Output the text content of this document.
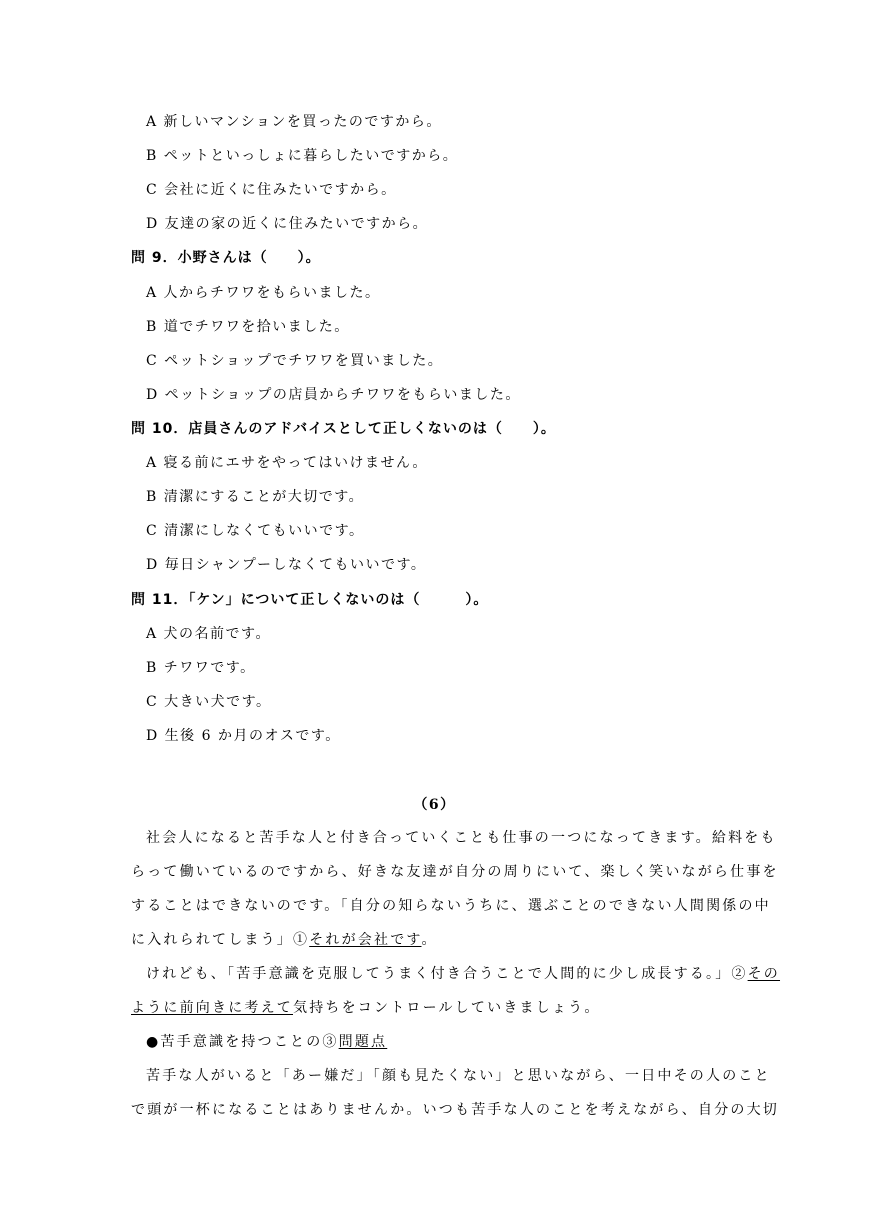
A 新しいマンションを買ったのですから。
B ペットといっしょに暮らしたいですから。
C 会社に近くに住みたいですから。
D 友達の家の近くに住みたいですから。
問 9．小野さんは（　　）。
A 人からチワワをもらいました。
B 道でチワワを拾いました。
C ペットショップでチワワを買いました。
D ペットショップの店員からチワワをもらいました。
問 10．店員さんのアドバイスとして正しくないのは（　　）。
A 寝る前にエサをやってはいけません。
B 清潔にすることが大切です。
C 清潔にしなくてもいいです。
D 毎日シャンプーしなくてもいいです。
問 11．「ケン」について正しくないのは（　　　）。
A 犬の名前です。
B チワワです。
C 大きい犬です。
D 生後 6 か月のオスです。
（6）
社会人になると苦手な人と付き合っていくことも仕事の一つになってきます。給料をも
らって働いているのですから、好きな友達が自分の周りにいて、楽しく笑いながら仕事を
することはできないのです。「自分の知らないうちに、選ぶことのできない人間関係の中
に入れられてしまう」①それが会社です。
けれども、「苦手意識を克服してうまく付き合うことで人間的に少し成長する。」②その
ように前向きに考えて気持ちをコントロールしていきましょう。
●苦手意識を持つことの③問題点
苦手な人がいると「あー嫌だ」「顔も見たくない」と思いながら、一日中その人のこと
で頭が一杯になることはありませんか。いつも苦手な人のことを考えながら、自分の大切
